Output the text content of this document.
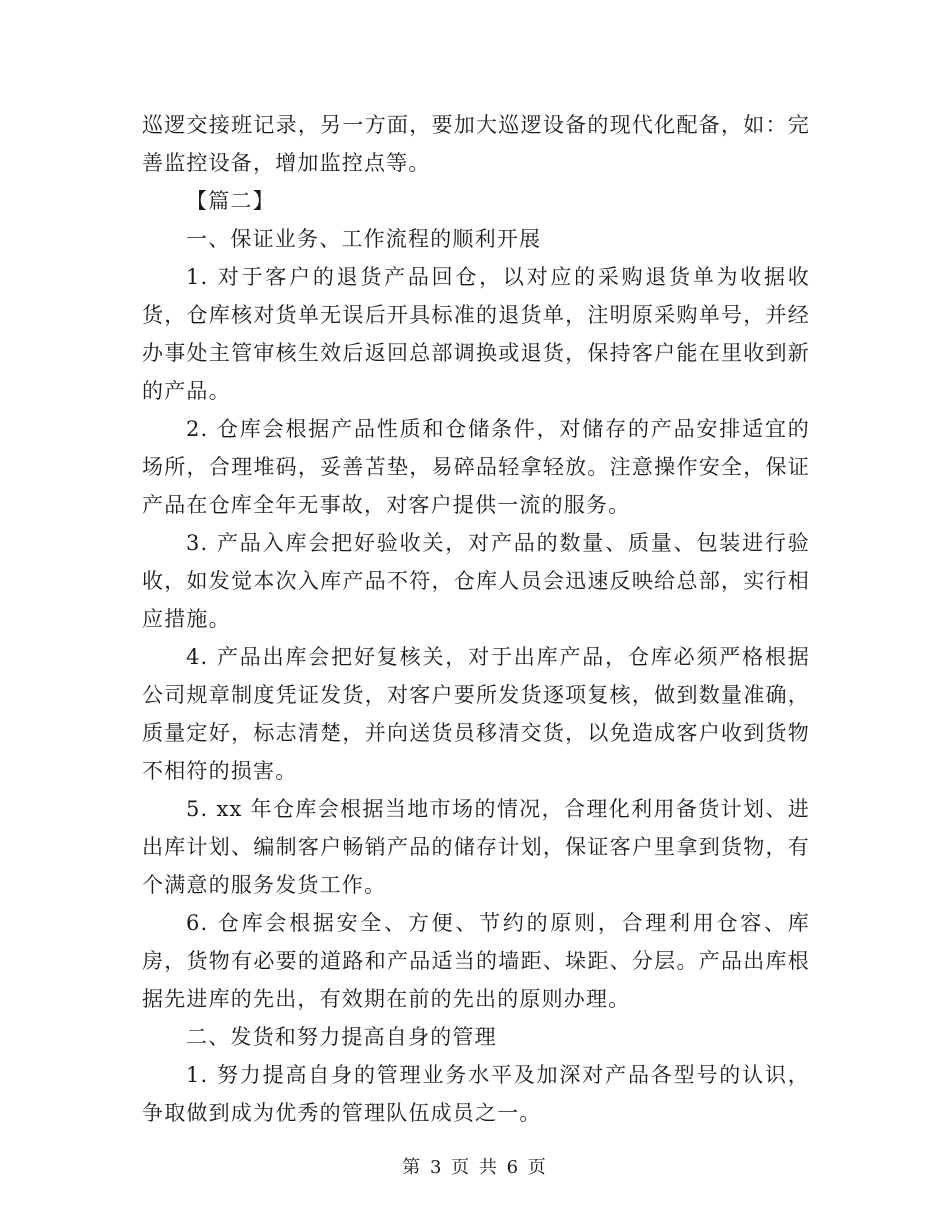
巡逻交接班记录，另一方面，要加大巡逻设备的现代化配备，如：完善监控设备，增加监控点等。

【篇二】

一、保证业务、工作流程的顺利开展

1. 对于客户的退货产品回仓，以对应的采购退货单为收据收货，仓库核对货单无误后开具标准的退货单，注明原采购单号，并经办事处主管审核生效后返回总部调换或退货，保持客户能在里收到新的产品。

2. 仓库会根据产品性质和仓储条件，对储存的产品安排适宜的场所，合理堆码，妥善苫垫，易碎品轻拿轻放。注意操作安全，保证产品在仓库全年无事故，对客户提供一流的服务。

3. 产品入库会把好验收关，对产品的数量、质量、包装进行验收，如发觉本次入库产品不符，仓库人员会迅速反映给总部，实行相应措施。

4. 产品出库会把好复核关，对于出库产品，仓库必须严格根据公司规章制度凭证发货，对客户要所发货逐项复核，做到数量准确，质量定好，标志清楚，并向送货员移清交货，以免造成客户收到货物不相符的损害。

5. xx 年仓库会根据当地市场的情况，合理化利用备货计划、进出库计划、编制客户畅销产品的储存计划，保证客户里拿到货物，有个满意的服务发货工作。

6. 仓库会根据安全、方便、节约的原则，合理利用仓容、库房，货物有必要的道路和产品适当的墙距、垛距、分层。产品出库根据先进库的先出，有效期在前的先出的原则办理。

二、发货和努力提高自身的管理

1. 努力提高自身的管理业务水平及加深对产品各型号的认识，争取做到成为优秀的管理队伍成员之一。

第 3 页 共 6 页
